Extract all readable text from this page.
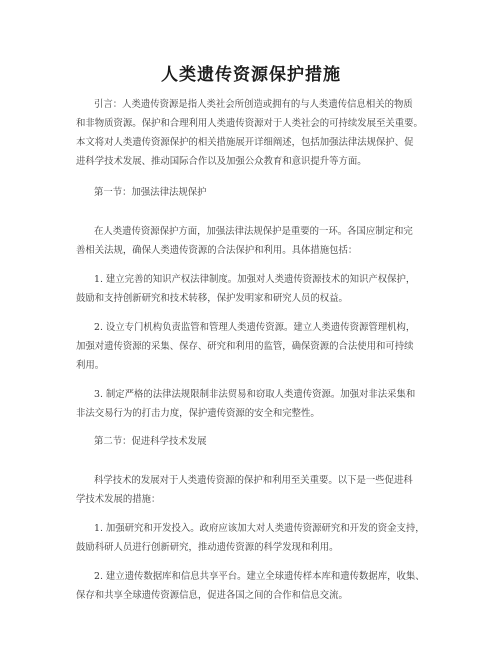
人类遗传资源保护措施
引言：人类遗传资源是指人类社会所创造或拥有的与人类遗传信息相关的物质
和非物质资源。保护和合理利用人类遗传资源对于人类社会的可持续发展至关重要。
本文将对人类遗传资源保护的相关措施展开详细阐述，包括加强法律法规保护、促
进科学技术发展、推动国际合作以及加强公众教育和意识提升等方面。
第一节：加强法律法规保护
在人类遗传资源保护方面，加强法律法规保护是重要的一环。各国应制定和完
善相关法规，确保人类遗传资源的合法保护和利用。具体措施包括：
1. 建立完善的知识产权法律制度。加强对人类遗传资源技术的知识产权保护，
鼓励和支持创新研究和技术转移，保护发明家和研究人员的权益。
2. 设立专门机构负责监管和管理人类遗传资源。建立人类遗传资源管理机构，
加强对遗传资源的采集、保存、研究和利用的监管，确保资源的合法使用和可持续
利用。
3. 制定严格的法律法规限制非法贸易和窃取人类遗传资源。加强对非法采集和
非法交易行为的打击力度，保护遗传资源的安全和完整性。
第二节：促进科学技术发展
科学技术的发展对于人类遗传资源的保护和利用至关重要。以下是一些促进科
学技术发展的措施：
1. 加强研究和开发投入。政府应该加大对人类遗传资源研究和开发的资金支持，
鼓励科研人员进行创新研究，推动遗传资源的科学发现和利用。
2. 建立遗传数据库和信息共享平台。建立全球遗传样本库和遗传数据库，收集、
保存和共享全球遗传资源信息，促进各国之间的合作和信息交流。
